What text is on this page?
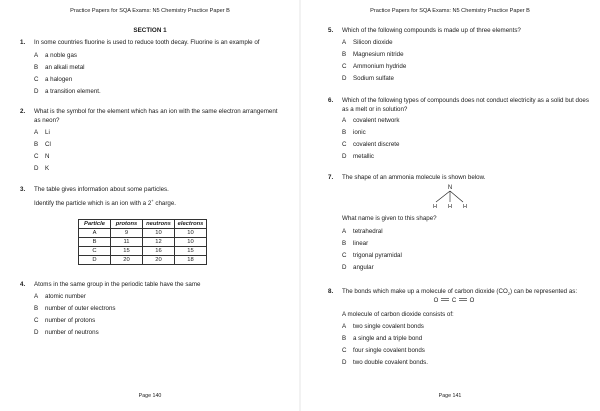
Practice Papers for SQA Exams: N5 Chemistry Practice Paper B
SECTION 1
1. In some countries fluorine is used to reduce tooth decay. Fluorine is an example of

A a noble gas
B an alkali metal
C a halogen
D a transition element.
2. What is the symbol for the element which has an ion with the same electron arrangement
as neon?

A Li
B Cl
C N
D K
3. The table gives information about some particles.

Identify the particle which is an ion with a 2+ charge.

Particle	protons	neutrons	electrons
A	9	10	10
B	11	12	10
C	15	16	15
D	20	20	18
4. Atoms in the same group in the periodic table have the same

A atomic number
B number of outer electrons
C number of protons
D number of neutrons
Page 140
Practice Papers for SQA Exams: N5 Chemistry Practice Paper B
5. Which of the following compounds is made up of three elements?

A Silicon dioxide
B Magnesium nitride
C Ammonium hydride
D Sodium sulfate
6. Which of the following types of compounds does not conduct electricity as a solid but does
as a melt or in solution?

A covalent network
B ionic
C covalent discrete
D metallic
7. The shape of an ammonia molecule is shown below.

N
H H H
What name is given to this shape?
A tetrahedral
B linear
C trigonal pyramidal
D angular
8. The bonds which make up a molecule of carbon dioxide $(CO_2)$ can be represented as:

O C O
A molecule of carbon dioxide consists of:
A two single covalent bonds
B a single and a triple bond
C four single covalent bonds
D two double covalent bonds.
Page 141
